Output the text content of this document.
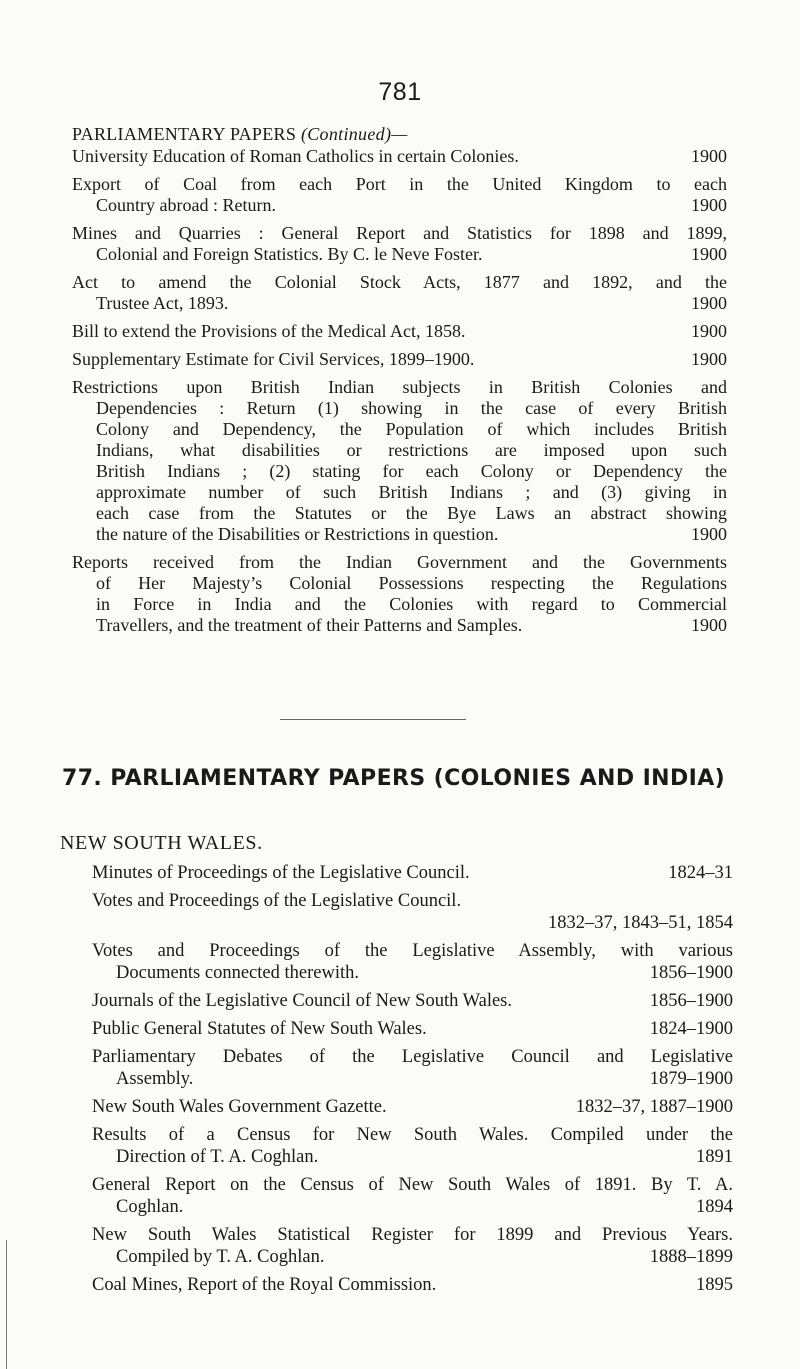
781
PARLIAMENTARY PAPERS (Continued)—
University Education of Roman Catholics in certain Colonies.	1900
Export of Coal from each Port in the United Kingdom to each
Country abroad : Return.	1900
Mines and Quarries : General Report and Statistics for 1898 and 1899,
Colonial and Foreign Statistics. By C. le Neve Foster.	1900
Act to amend the Colonial Stock Acts, 1877 and 1892, and the
Trustee Act, 1893.	1900
Bill to extend the Provisions of the Medical Act, 1858.	1900
Supplementary Estimate for Civil Services, 1899–1900.	1900
Restrictions upon British Indian subjects in British Colonies and
Dependencies : Return (1) showing in the case of every British
Colony and Dependency, the Population of which includes British
Indians, what disabilities or restrictions are imposed upon such
British Indians ; (2) stating for each Colony or Dependency the
approximate number of such British Indians ; and (3) giving in
each case from the Statutes or the Bye Laws an abstract showing
the nature of the Disabilities or Restrictions in question.	1900
Reports received from the Indian Government and the Governments
of Her Majesty’s Colonial Possessions respecting the Regulations
in Force in India and the Colonies with regard to Commercial
Travellers, and the treatment of their Patterns and Samples.	1900
77. PARLIAMENTARY PAPERS (COLONIES AND INDIA)
NEW SOUTH WALES.
Minutes of Proceedings of the Legislative Council.	1824–31
Votes and Proceedings of the Legislative Council.
1832–37, 1843–51, 1854
Votes and Proceedings of the Legislative Assembly, with various
Documents connected therewith.	1856–1900
Journals of the Legislative Council of New South Wales.	1856–1900
Public General Statutes of New South Wales.	1824–1900
Parliamentary Debates of the Legislative Council and Legislative
Assembly.	1879–1900
New South Wales Government Gazette.	1832–37, 1887–1900
Results of a Census for New South Wales. Compiled under the
Direction of T. A. Coghlan.	1891
General Report on the Census of New South Wales of 1891. By T. A.
Coghlan.	1894
New South Wales Statistical Register for 1899 and Previous Years.
Compiled by T. A. Coghlan.	1888–1899
Coal Mines, Report of the Royal Commission.	1895
